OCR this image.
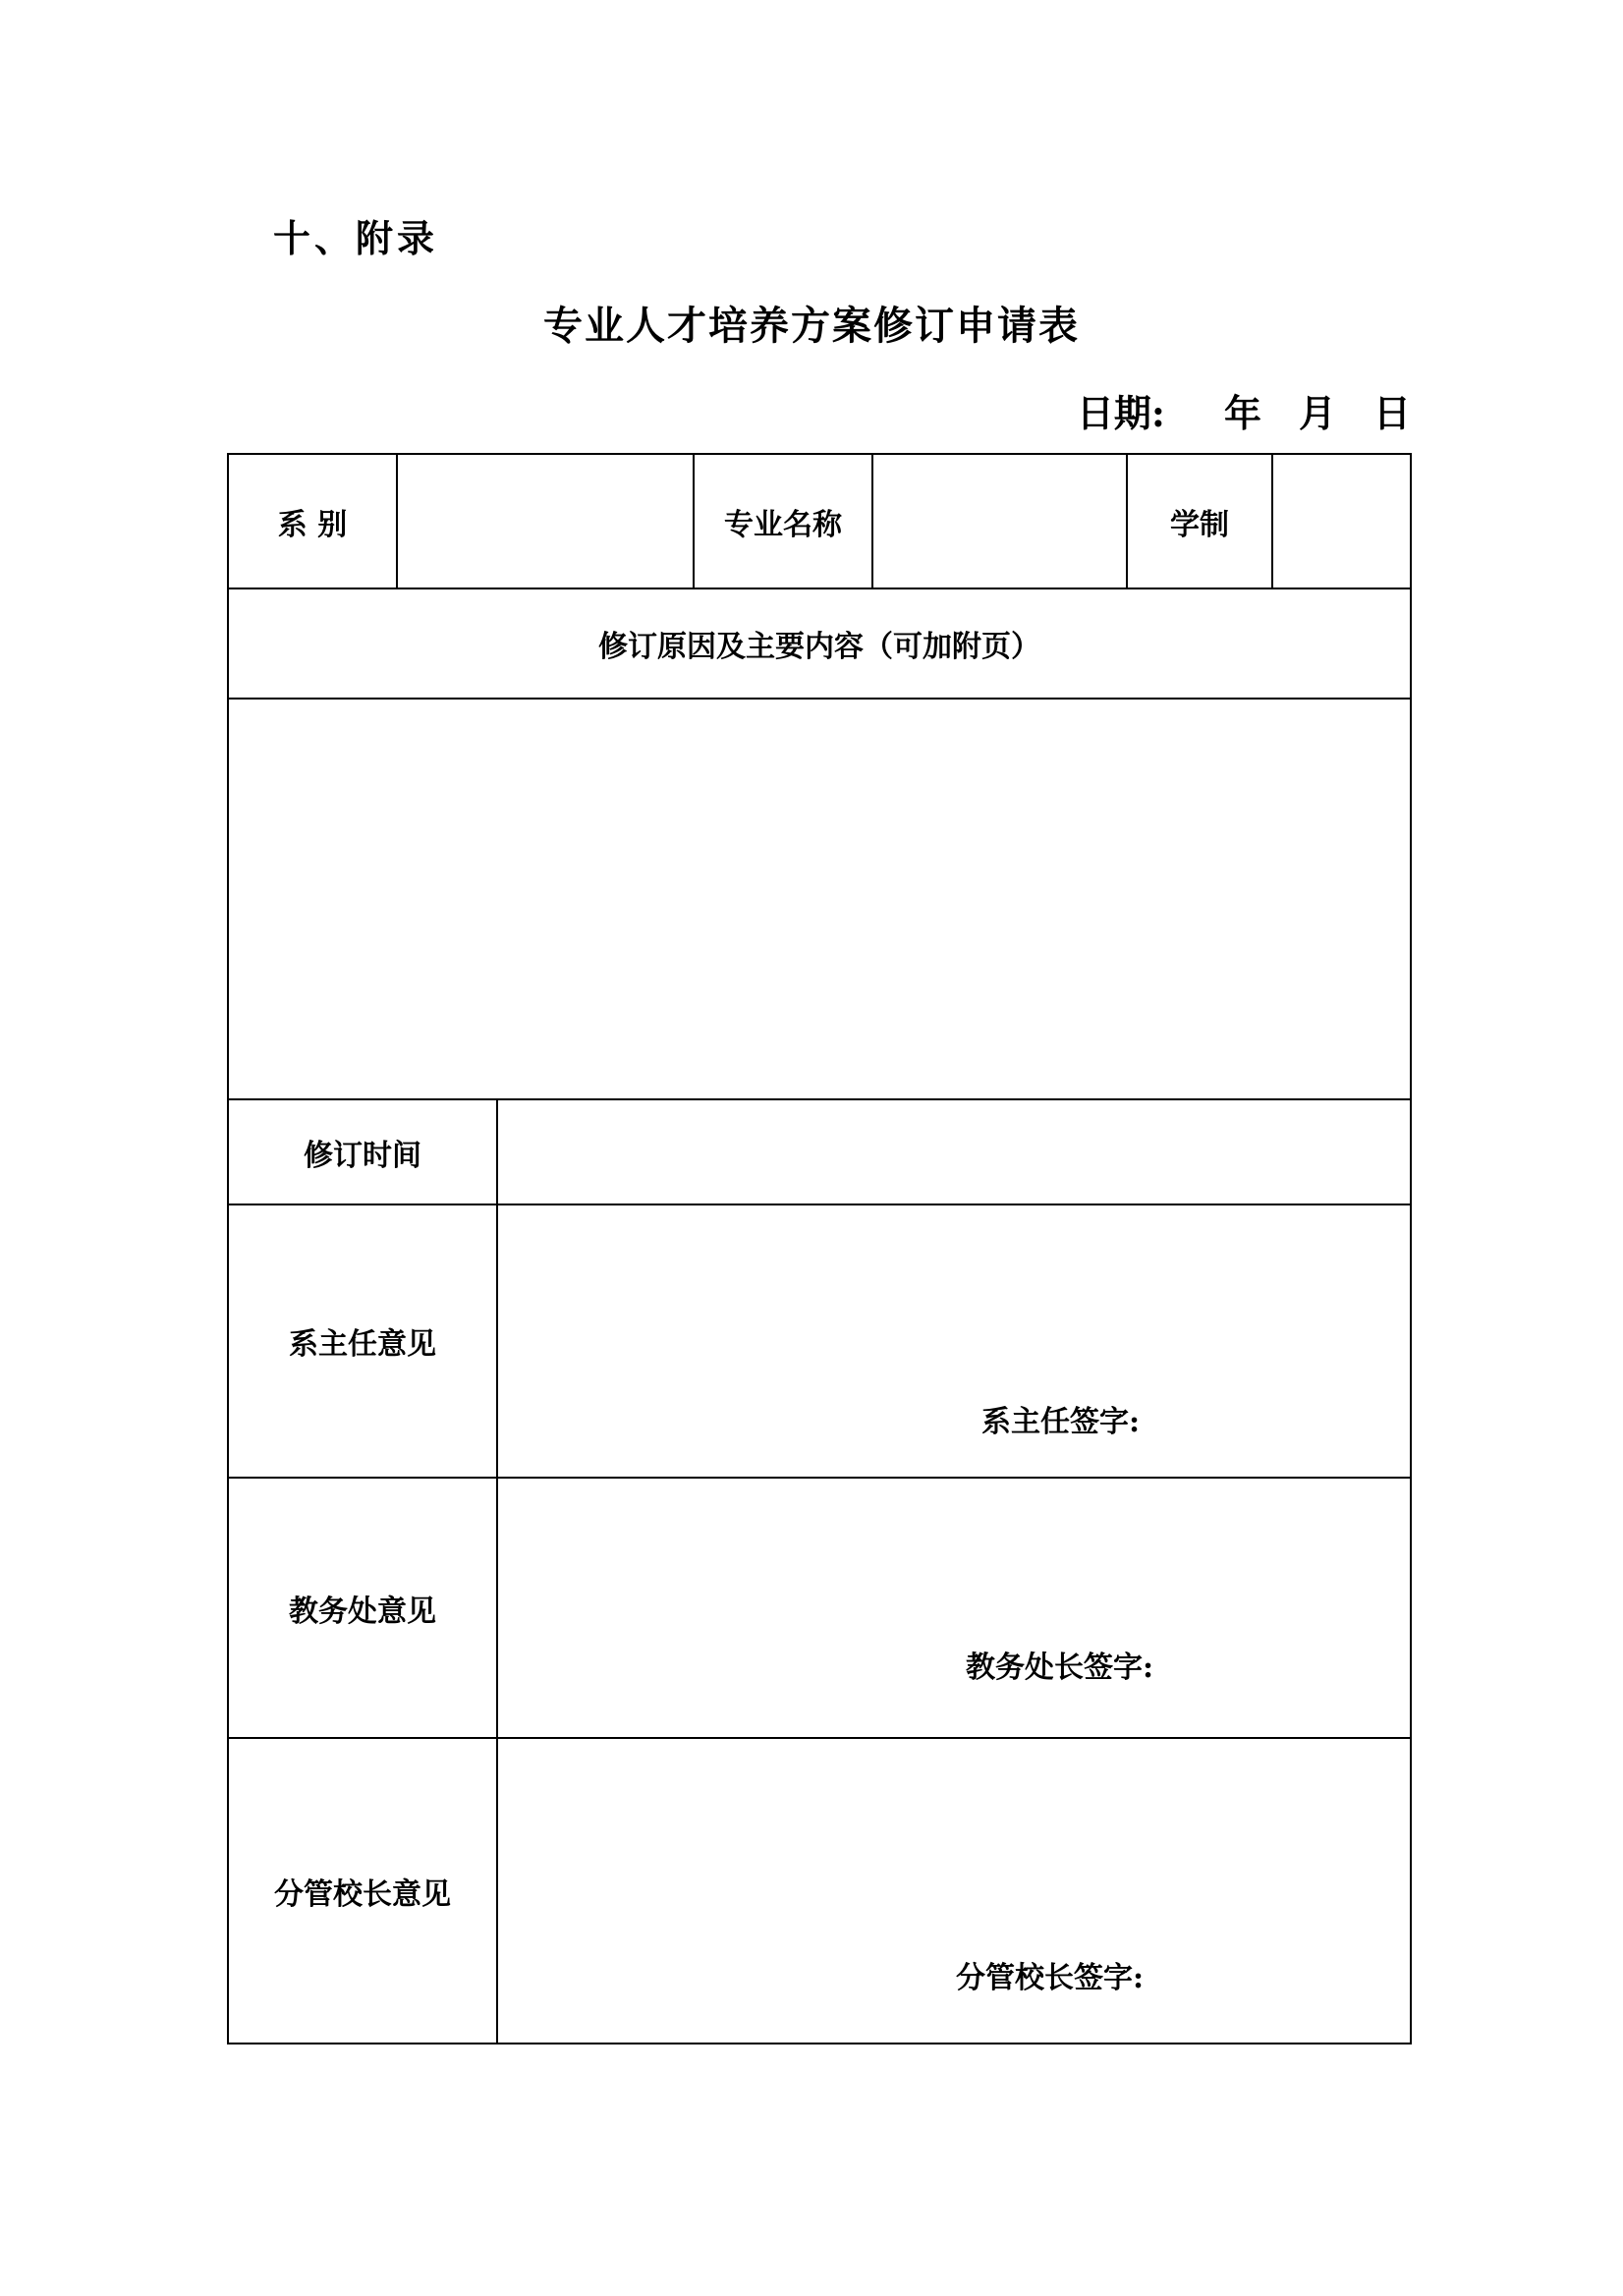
十、附录
专业人才培养方案修订申请表
日期: 年 月 日
系 别			专业名称		学制	
修订原因及主要内容（可加附页）						

修订时间						
系主任意见		系主任签字:				

教务处意见		教务处长签字:				

分管校长意见		分管校长签字:				
